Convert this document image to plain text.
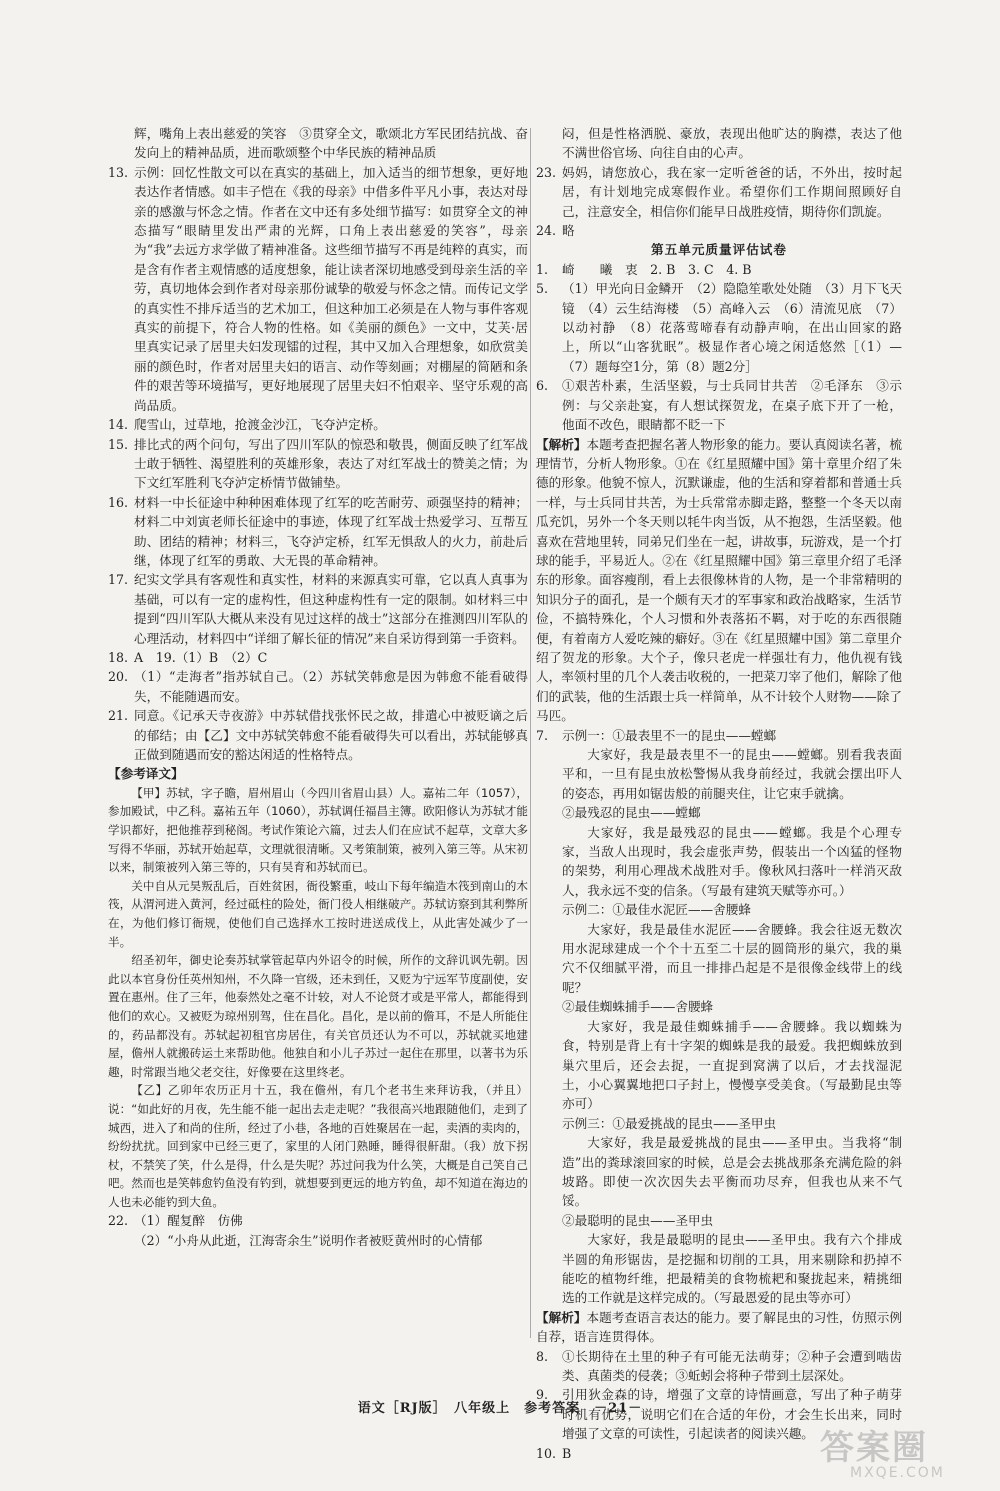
辉，嘴角上表出慈爱的笑容　③贯穿全文，歌颂北方军民团结抗战、奋发向上的精神品质，进而歌颂整个中华民族的精神品质
13. 示例：回忆性散文可以在真实的基础上，加入适当的细节想象，更好地表达作者情感。如丰子恺在《我的母亲》中借多件平凡小事，表达对母亲的感激与怀念之情。作者在文中还有多处细节描写：如贯穿全文的神态描写“眼睛里发出严肃的光辉，口角上表出慈爱的笑容”，母亲为“我”去远方求学做了精神准备。这些细节描写不再是纯粹的真实，而是含有作者主观情感的适度想象，能让读者深切地感受到母亲生活的辛劳，真切地体会到作者对母亲那份诚挚的敬爱与怀念之情。而传记文学的真实性不排斥适当的艺术加工，但这种加工必须是在人物与事件客观真实的前提下，符合人物的性格。如《美丽的颜色》一文中，艾芙·居里真实记录了居里夫妇发现镭的过程，其中又加入合理想象，如欣赏美丽的颜色时，作者对居里夫妇的语言、动作等刻画；对棚屋的简陋和条件的艰苦等环境描写，更好地展现了居里夫妇不怕艰辛、坚守乐观的高尚品质。
14. 爬雪山，过草地，抢渡金沙江，飞夺泸定桥。
15. 排比式的两个问句，写出了四川军队的惊恐和敬畏，侧面反映了红军战士敢于牺牲、渴望胜利的英雄形象，表达了对红军战士的赞美之情；为下文红军胜利飞夺泸定桥情节做铺垫。
16. 材料一中长征途中种种困难体现了红军的吃苦耐劳、顽强坚持的精神；材料二中刘寅老师长征途中的事迹，体现了红军战士热爱学习、互帮互助、团结的精神；材料三，飞夺泸定桥，红军无惧敌人的火力，前赴后继，体现了红军的勇敢、大无畏的革命精神。
17. 纪实文学具有客观性和真实性，材料的来源真实可靠，它以真人真事为基础，可以有一定的虚构性，但这种虚构性有一定的限制。如材料三中提到“四川军队大概从来没有见过这样的战士”这部分在推测四川军队的心理活动，材料四中“详细了解长征的情况”来自采访得到第一手资料。
18. A　19.（1）B　（2）C
20. （1）“走海者”指苏轼自己。（2）苏轼笑韩愈是因为韩愈不能看破得失，不能随遇而安。
21. 同意。《记承天寺夜游》中苏轼借找张怀民之故，排遣心中被贬谪之后的郁结；由【乙】文中苏轼笑韩愈不能看破得失可以看出，苏轼能够真正做到随遇而安的豁达闲适的性格特点。
【参考译文】
【甲】苏轼，字子瞻，眉州眉山（今四川省眉山县）人。嘉祐二年（1057），参加殿试，中乙科。嘉祐五年（1060），苏轼调任福昌主簿。欧阳修认为苏轼才能学识都好，把他推荐到秘阁。考试作策论六篇，过去人们在应试不起草，文章大多写得不华丽，苏轼开始起草，文理就很清晰。又考策制策，被列入第三等。从宋初以来，制策被列入第三等的，只有吴育和苏轼而已。
关中自从元昊叛乱后，百姓贫困，衙役繁重，岐山下每年编造木筏到南山的木筏，从渭河进入黄河，经过砥柱的险处，衙门役人相继破产。苏轼访察到其利弊所在，为他们修订衙规，使他们自己选择水工按时进送成伐上，从此害处减少了一半。
绍圣初年，御史论奏苏轼掌管起草内外诏令的时候，所作的文辞讥讽先朝。因此以本官身份任英州知州，不久降一官级，还未到任，又贬为宁远军节度副使，安置在惠州。住了三年，他泰然处之毫不计较，对人不论贤才或是平常人，都能得到他们的欢心。又被贬为琼州别驾，住在昌化。昌化，是以前的儋耳，不是人所能住的，药品都没有。苏轼起初租官房居住，有关官员还认为不可以，苏轼就买地建屋，儋州人就搬砖运土来帮助他。他独自和小儿子苏过一起住在那里，以著书为乐趣，时常跟当地父老交往，好像要在这里终老。
【乙】乙卯年农历正月十五，我在儋州，有几个老书生来拜访我，（并且）说：“如此好的月夜，先生能不能一起出去走走呢？”我很高兴地跟随他们，走到了城西，进入了和尚的住所，经过了小巷，各地的百姓聚居在一起，卖酒的卖肉的，纷纷扰扰。回到家中已经三更了，家里的人闭门熟睡，睡得很鼾甜。（我）放下拐杖，不禁笑了笑，什么是得，什么是失呢？苏过问我为什么笑，大概是自己笑自己吧。然而也是笑韩愈钓鱼没有钓到，就想要到更远的地方钓鱼，却不知道在海边的人也未必能钓到大鱼。
22. （1）醒复醉　仿佛
（2）“小舟从此逝，江海寄余生”说明作者被贬黄州时的心情郁
闷，但是性格洒脱、豪放，表现出他旷达的胸襟，表达了他不满世俗官场、向往自由的心声。
23. 妈妈，请您放心，我在家一定听爸爸的话，不外出，按时起居，有计划地完成寒假作业。希望你们工作期间照顾好自己，注意安全，相信你们能早日战胜疫情，期待你们凯旋。
24. 略
第五单元质量评估试卷
1.	崎　　曦　衷　2. B　3. C　4. B
5.	（1）甲光向日金鳞开　（2）隐隐笙歌处处随　（3）月下飞天镜　（4）云生结海楼　（5）高峰入云　（6）清流见底　（7）以动衬静　（8）花落莺啼春有动静声响，在出山回家的路上，所以“山客犹眠”。极显作者心境之闲适悠然［（1）—（7）题每空1分，第（8）题2分］
6.	①艰苦朴素，生活坚毅，与士兵同甘共苦　②毛泽东　③示例：与父亲赴宴，有人想试探贺龙，在桌子底下开了一枪，他面不改色，眼睛都不眨一下
【解析】本题考查把握名著人物形象的能力。要认真阅读名著，梳理情节，分析人物形象。①在《红星照耀中国》第十章里介绍了朱德的形象。他貌不惊人，沉默谦虚，他的生活和穿着都和普通士兵一样，与士兵同甘共苦，为士兵常常赤脚走路，整整一个冬天以南瓜充饥，另外一个冬天则以牦牛肉当饭，从不抱怨，生活坚毅。他喜欢在营地里转，同弟兄们坐在一起，讲故事，玩游戏，是一个打球的能手，平易近人。②在《红星照耀中国》第三章里介绍了毛泽东的形象。面容瘦削，看上去很像林肯的人物，是一个非常精明的知识分子的面孔，是一个颇有天才的军事家和政治战略家，生活节俭，不搞特殊化，个人习惯和外表落拓不羁，对于吃的东西很随便，有着南方人爱吃辣的癖好。③在《红星照耀中国》第二章里介绍了贺龙的形象。大个子，像只老虎一样强壮有力，他仇视有钱人，率领村里的几个人袭击收税的，一把菜刀宰了他们，解除了他们的武装，他的生活跟士兵一样简单，从不计较个人财物——除了马匹。
7.	示例一：①最表里不一的昆虫——螳螂
大家好，我是最表里不一的昆虫——螳螂。别看我表面平和，一旦有昆虫放松警惕从我身前经过，我就会摆出吓人的姿态，再用如锯齿般的前腿夹住，让它束手就擒。
②最残忍的昆虫——螳螂
大家好，我是最残忍的昆虫——螳螂。我是个心理专家，当敌人出现时，我会虚张声势，假装出一个凶猛的怪物的架势，利用心理战术战胜对手。像秋风扫落叶一样消灭敌人，我永远不变的信条。（写最有建筑天赋等亦可。）
示例二：①最佳水泥匠——舍腰蜂
大家好，我是最佳水泥匠——舍腰蜂。我会往返无数次用水泥球建成一个个十五至二十层的圆筒形的巢穴，我的巢穴不仅细腻平滑，而且一排排凸起是不是很像金线带上的线呢？
②最佳蜘蛛捕手——舍腰蜂
大家好，我是最佳蜘蛛捕手——舍腰蜂。我以蜘蛛为食，特别是背上有十字架的蜘蛛是我的最爱。我把蜘蛛放到巢穴里后，还会去捉，一直捉到窝满了以后，才去找湿泥土，小心翼翼地把口子封上，慢慢享受美食。（写最勤昆虫等亦可）
示例三：①最爱挑战的昆虫——圣甲虫
大家好，我是最爱挑战的昆虫——圣甲虫。当我将“制造”出的粪球滚回家的时候，总是会去挑战那条充满危险的斜坡路。即使一次次因失去平衡而功尽弃，但我也从来不气馁。
②最聪明的昆虫——圣甲虫
大家好，我是最聪明的昆虫——圣甲虫。我有六个排成半圆的角形锯齿，是挖掘和切削的工具，用来剔除和扔掉不能吃的植物纤维，把最精美的食物梳耙和聚拢起来，精挑细选的工作就是这样完成的。（写最恩爱的昆虫等亦可）
【解析】本题考查语言表达的能力。要了解昆虫的习性，仿照示例自荐，语言连贯得体。
8.	①长期待在土里的种子有可能无法萌芽；②种子会遭到啮齿类、真菌类的侵袭；③蚯蚓会将种子带到土层深处。
9.	引用狄金森的诗，增强了文章的诗情画意，写出了种子萌芽时机有优势，说明它们在合适的年份，才会生长出来，同时增强了文章的可读性，引起读者的阅读兴趣。
10. B
语文［RJ版］　八年级上　参考答案　－21－
答案圈
MXQE.COM
